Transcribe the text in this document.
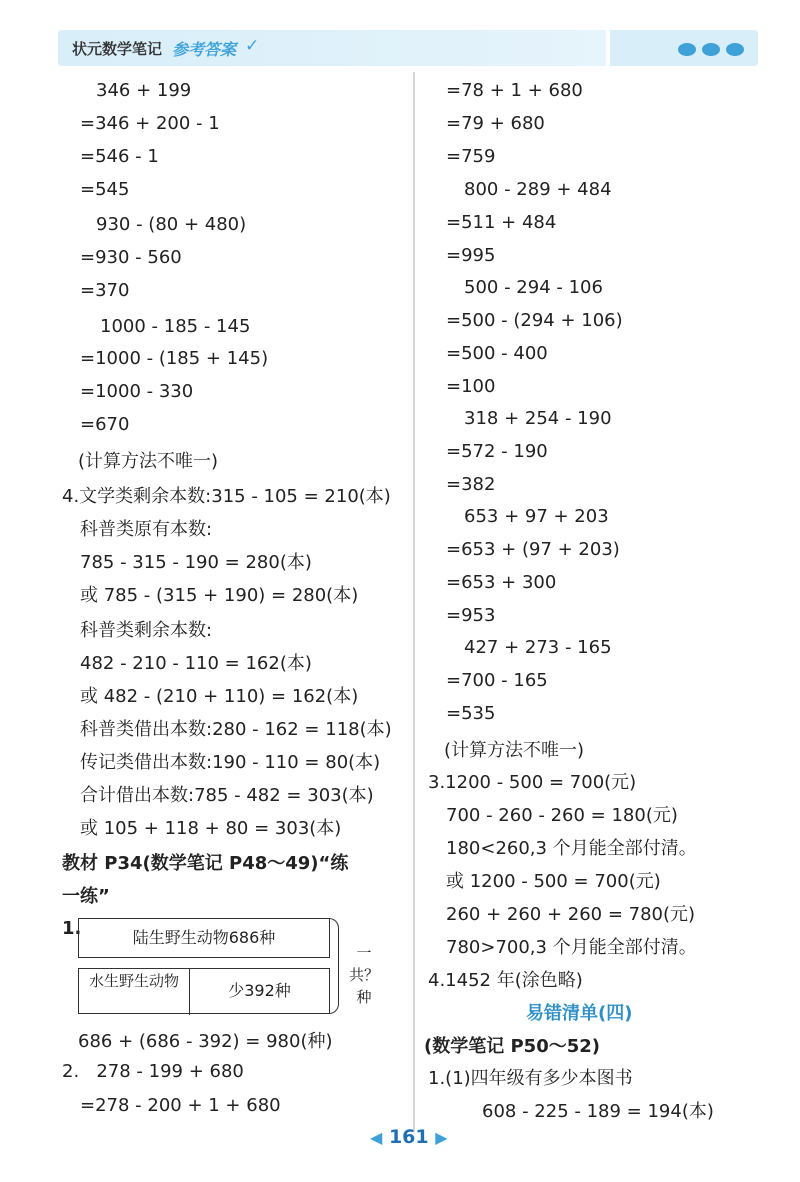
状元数学笔记 参考答案 ✓
346 + 199
=346 + 200 - 1
=546 - 1
=545
930 - (80 + 480)
=930 - 560
=370
1000 - 185 - 145
=1000 - (185 + 145)
=1000 - 330
=670
(计算方法不唯一)
4.文学类剩余本数:315 - 105 = 210(本)
科普类原有本数:
785 - 315 - 190 = 280(本)
或 785 - (315 + 190) = 280(本)
科普类剩余本数:
482 - 210 - 110 = 162(本)
或 482 - (210 + 110) = 162(本)
科普类借出本数:280 - 162 = 118(本)
传记类借出本数:190 - 110 = 80(本)
合计借出本数:785 - 482 = 303(本)
或 105 + 118 + 80 = 303(本)
教材 P34(数学笔记 P48～49)“练
一练”
1.	陆生野生动物686种
水生野生动物	少392种
一共？种
686 + (686 - 392) = 980(种)
2.   278 - 199 + 680
=278 - 200 + 1 + 680
=78 + 1 + 680
=79 + 680
=759
800 - 289 + 484
=511 + 484
=995
500 - 294 - 106
=500 - (294 + 106)
=500 - 400
=100
318 + 254 - 190
=572 - 190
=382
653 + 97 + 203
=653 + (97 + 203)
=653 + 300
=953
427 + 273 - 165
=700 - 165
=535
(计算方法不唯一)
3.1200 - 500 = 700(元)
700 - 260 - 260 = 180(元)
180<260,3 个月能全部付清。
或 1200 - 500 = 700(元)
260 + 260 + 260 = 780(元)
780>700,3 个月能全部付清。
4.1452 年(涂色略)
易错清单(四)
(数学笔记 P50～52)
1.(1)四年级有多少本图书
608 - 225 - 189 = 194(本)
◀ 161 ▶
